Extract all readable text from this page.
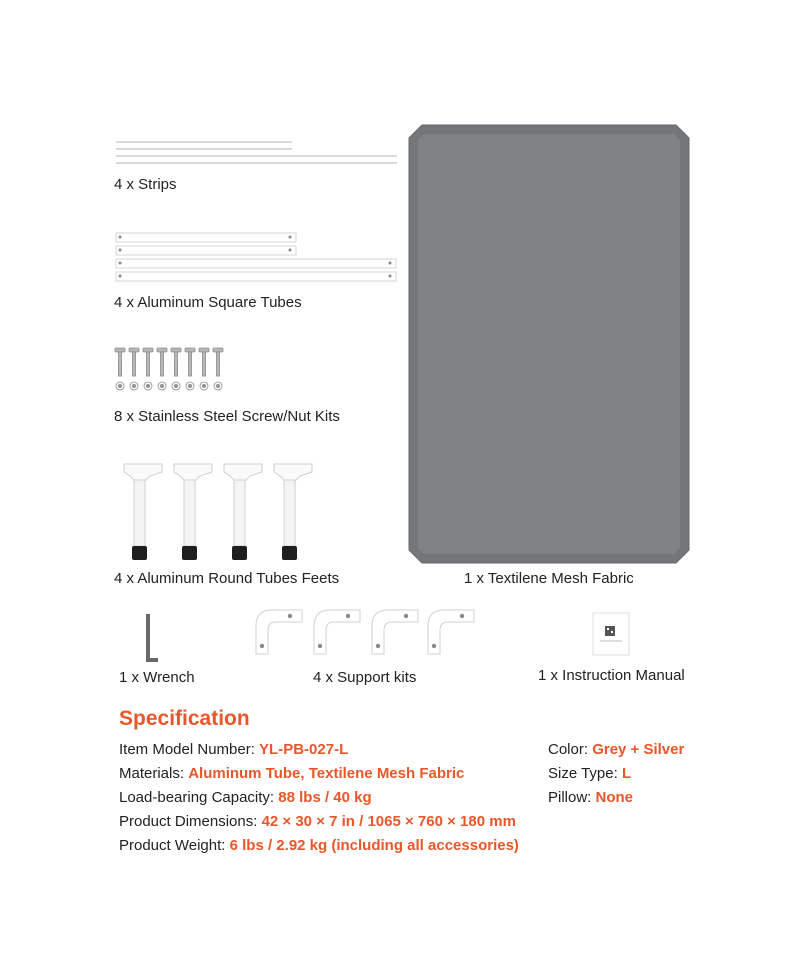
4 x Strips
4 x Aluminum Square Tubes
8 x Stainless Steel Screw/Nut Kits
4 x Aluminum Round Tubes Feets	1 x Textilene Mesh Fabric
1 x Wrench	4 x Support kits	1 x Instruction Manual
Specification
Item Model Number: YL-PB-027-L
Materials: Aluminum Tube, Textilene Mesh Fabric
Load-bearing Capacity: 88 lbs / 40 kg
Product Dimensions: 42 × 30 × 7 in / 1065 × 760 × 180 mm
Product Weight: 6 lbs / 2.92 kg (including all accessories)
Color: Grey + Silver
Size Type: L
Pillow: None
